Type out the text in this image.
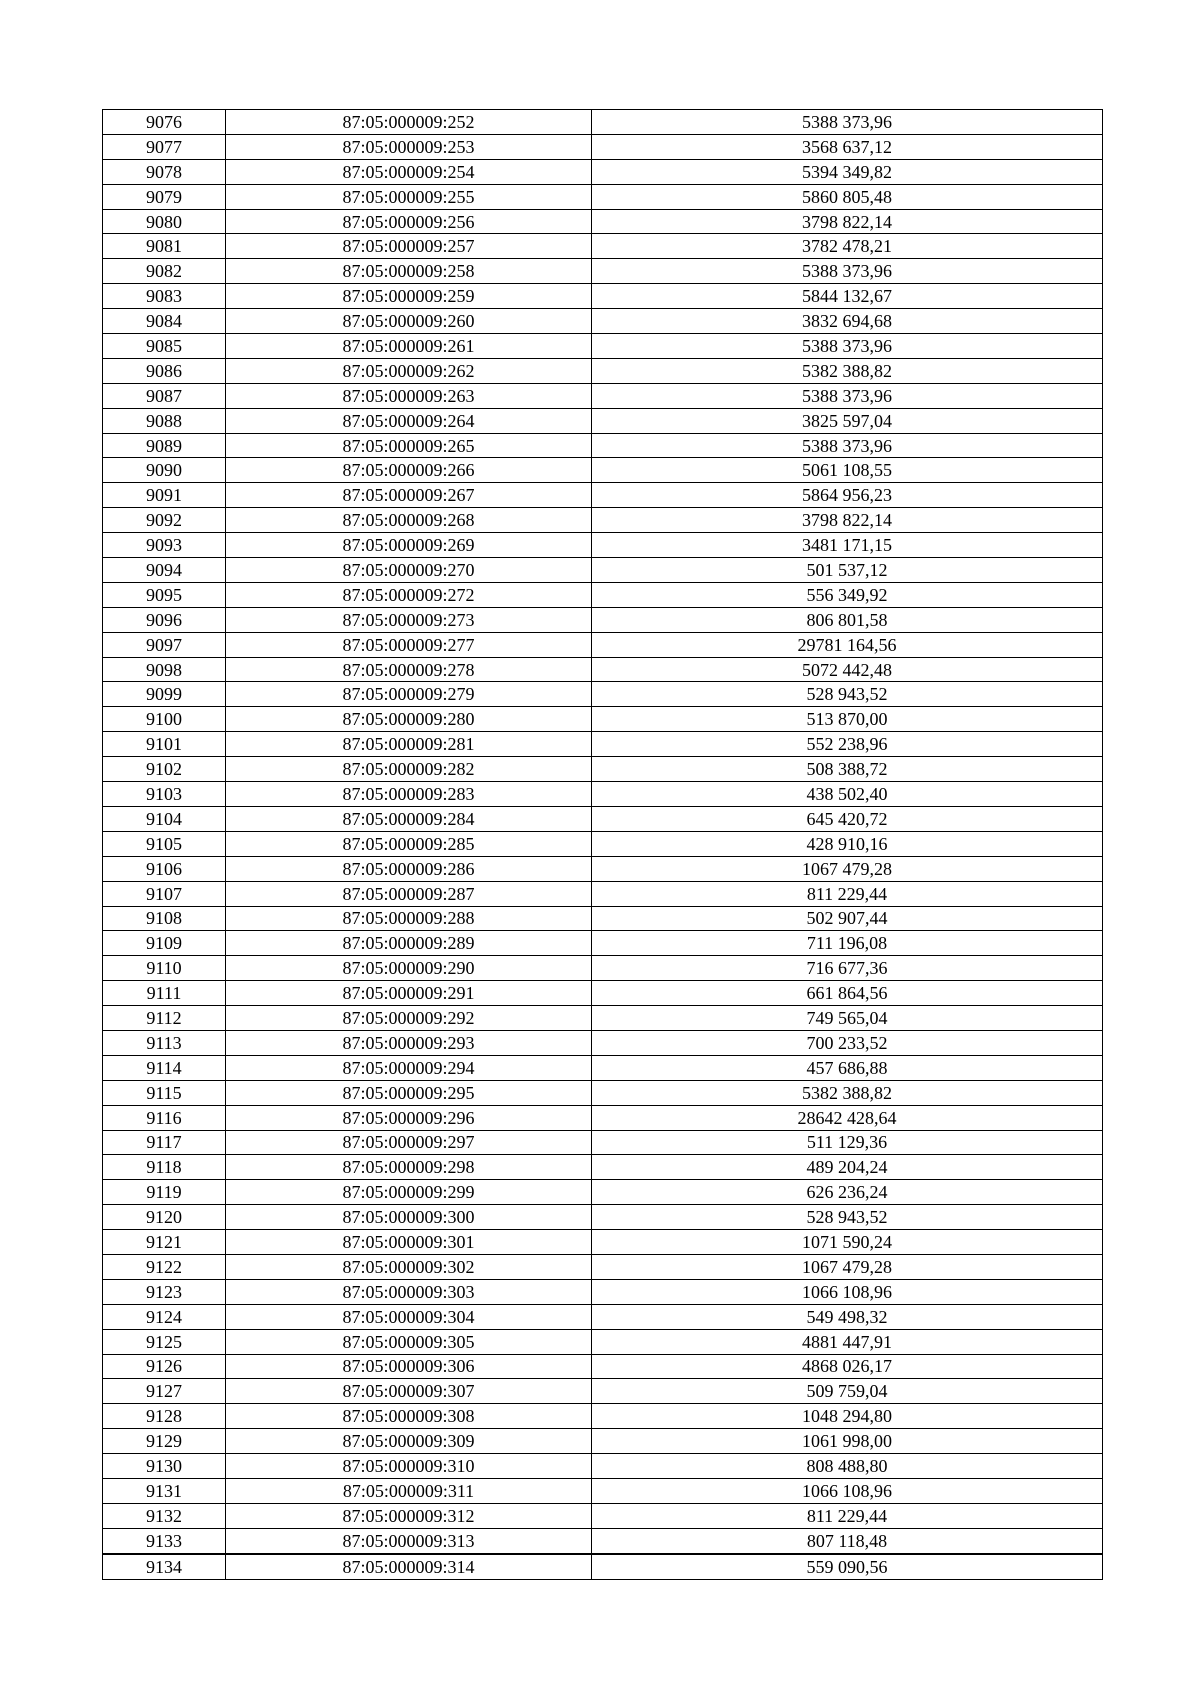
9076	87:05:000009:252	5388 373,96
9077	87:05:000009:253	3568 637,12
9078	87:05:000009:254	5394 349,82
9079	87:05:000009:255	5860 805,48
9080	87:05:000009:256	3798 822,14
9081	87:05:000009:257	3782 478,21
9082	87:05:000009:258	5388 373,96
9083	87:05:000009:259	5844 132,67
9084	87:05:000009:260	3832 694,68
9085	87:05:000009:261	5388 373,96
9086	87:05:000009:262	5382 388,82
9087	87:05:000009:263	5388 373,96
9088	87:05:000009:264	3825 597,04
9089	87:05:000009:265	5388 373,96
9090	87:05:000009:266	5061 108,55
9091	87:05:000009:267	5864 956,23
9092	87:05:000009:268	3798 822,14
9093	87:05:000009:269	3481 171,15
9094	87:05:000009:270	501 537,12
9095	87:05:000009:272	556 349,92
9096	87:05:000009:273	806 801,58
9097	87:05:000009:277	29781 164,56
9098	87:05:000009:278	5072 442,48
9099	87:05:000009:279	528 943,52
9100	87:05:000009:280	513 870,00
9101	87:05:000009:281	552 238,96
9102	87:05:000009:282	508 388,72
9103	87:05:000009:283	438 502,40
9104	87:05:000009:284	645 420,72
9105	87:05:000009:285	428 910,16
9106	87:05:000009:286	1067 479,28
9107	87:05:000009:287	811 229,44
9108	87:05:000009:288	502 907,44
9109	87:05:000009:289	711 196,08
9110	87:05:000009:290	716 677,36
9111	87:05:000009:291	661 864,56
9112	87:05:000009:292	749 565,04
9113	87:05:000009:293	700 233,52
9114	87:05:000009:294	457 686,88
9115	87:05:000009:295	5382 388,82
9116	87:05:000009:296	28642 428,64
9117	87:05:000009:297	511 129,36
9118	87:05:000009:298	489 204,24
9119	87:05:000009:299	626 236,24
9120	87:05:000009:300	528 943,52
9121	87:05:000009:301	1071 590,24
9122	87:05:000009:302	1067 479,28
9123	87:05:000009:303	1066 108,96
9124	87:05:000009:304	549 498,32
9125	87:05:000009:305	4881 447,91
9126	87:05:000009:306	4868 026,17
9127	87:05:000009:307	509 759,04
9128	87:05:000009:308	1048 294,80
9129	87:05:000009:309	1061 998,00
9130	87:05:000009:310	808 488,80
9131	87:05:000009:311	1066 108,96
9132	87:05:000009:312	811 229,44
9133	87:05:000009:313	807 118,48
9134	87:05:000009:314	559 090,56
